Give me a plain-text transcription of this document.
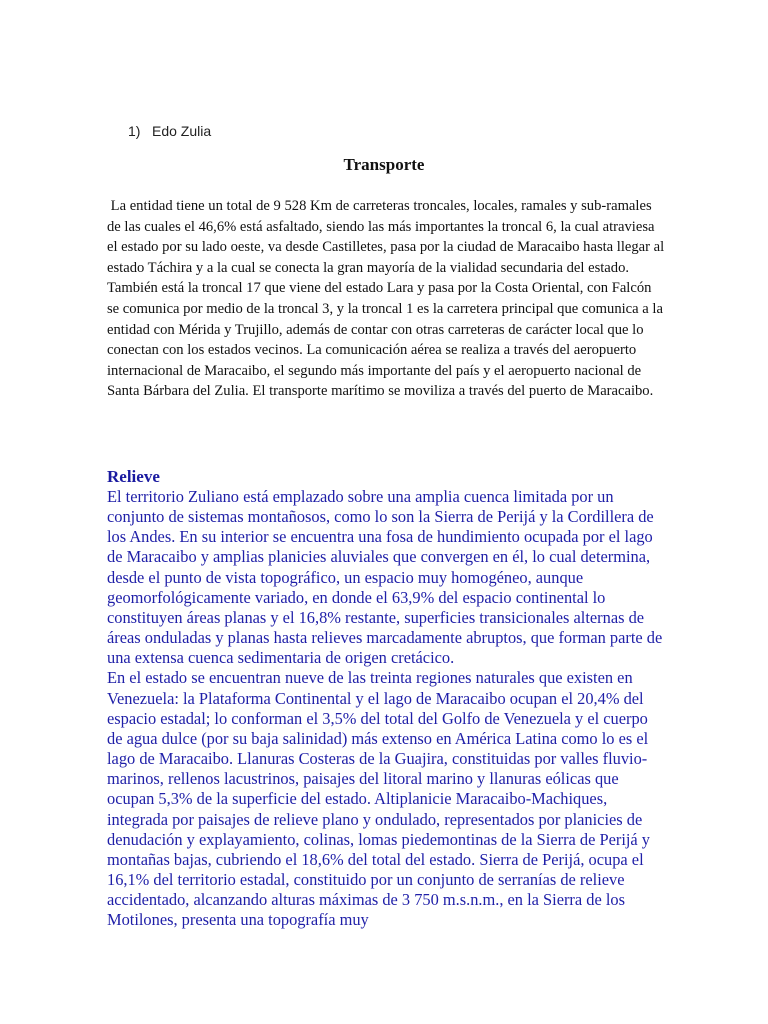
1) Edo Zulia
Transporte

La entidad tiene un total de 9 528 Km de carreteras troncales, locales, ramales y sub-ramales de las cuales el 46,6% está asfaltado, siendo las más importantes la troncal 6, la cual atraviesa el estado por su lado oeste, va desde Castilletes, pasa por la ciudad de Maracaibo hasta llegar al estado Táchira y a la cual se conecta la gran mayoría de la vialidad secundaria del estado. También está la troncal 17 que viene del estado Lara y pasa por la Costa Oriental, con Falcón se comunica por medio de la troncal 3, y la troncal 1 es la carretera principal que comunica a la entidad con Mérida y Trujillo, además de contar con otras carreteras de carácter local que lo conectan con los estados vecinos. La comunicación aérea se realiza a través del aeropuerto internacional de Maracaibo, el segundo más importante del país y el aeropuerto nacional de Santa Bárbara del Zulia. El transporte marítimo se moviliza a través del puerto de Maracaibo.

Relieve

El territorio Zuliano está emplazado sobre una amplia cuenca limitada por un conjunto de sistemas montañosos, como lo son la Sierra de Perijá y la Cordillera de los Andes. En su interior se encuentra una fosa de hundimiento ocupada por el lago de Maracaibo y amplias planicies aluviales que convergen en él, lo cual determina, desde el punto de vista topográfico, un espacio muy homogéneo, aunque geomorfológicamente variado, en donde el 63,9% del espacio continental lo constituyen áreas planas y el 16,8% restante, superficies transicionales alternas de áreas onduladas y planas hasta relieves marcadamente abruptos, que forman parte de una extensa cuenca sedimentaria de origen cretácico.

En el estado se encuentran nueve de las treinta regiones naturales que existen en Venezuela: la Plataforma Continental y el lago de Maracaibo ocupan el 20,4% del espacio estadal; lo conforman el 3,5% del total del Golfo de Venezuela y el cuerpo de agua dulce (por su baja salinidad) más extenso en América Latina como lo es el lago de Maracaibo. Llanuras Costeras de la Guajira, constituidas por valles fluvio-marinos, rellenos lacustrinos, paisajes del litoral marino y llanuras eólicas que ocupan 5,3% de la superficie del estado. Altiplanicie Maracaibo-Machiques, integrada por paisajes de relieve plano y ondulado, representados por planicies de denudación y explayamiento, colinas, lomas piedemontinas de la Sierra de Perijá y montañas bajas, cubriendo el 18,6% del total del estado. Sierra de Perijá, ocupa el 16,1% del territorio estadal, constituido por un conjunto de serranías de relieve accidentado, alcanzando alturas máximas de 3 750 m.s.n.m., en la Sierra de los Motilones, presenta una topografía muy
